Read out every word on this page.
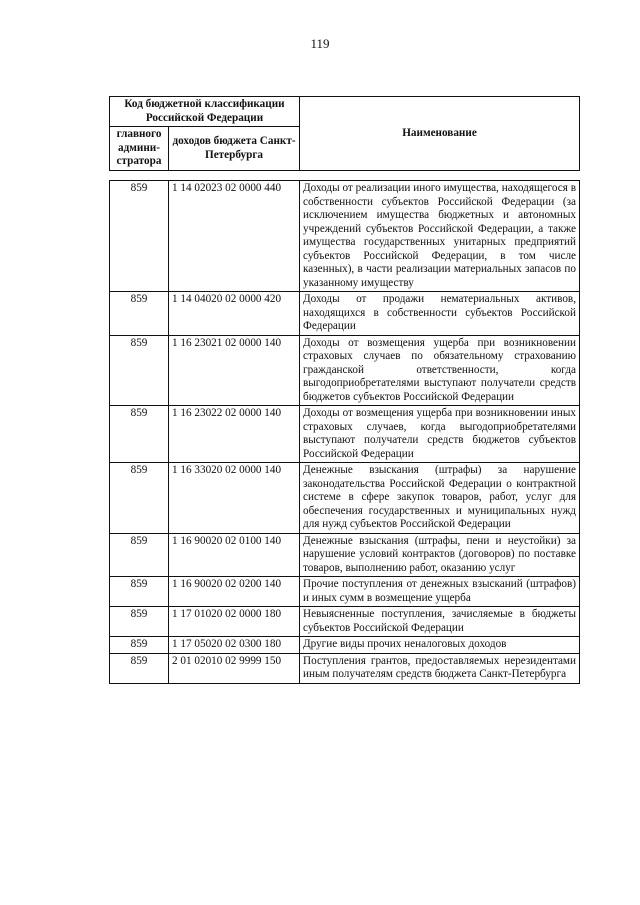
119
Код бюджетной классификации Российской Федерации		Наименование
главного админи-стратора	доходов бюджета Санкт-Петербурга	
859	1 14 02023 02 0000 440	Доходы от реализации иного имущества, находящегося в собственности субъектов Российской Федерации (за исключением имущества бюджетных и автономных учреждений субъектов Российской Федерации, а также имущества государственных унитарных предприятий субъектов Российской Федерации, в том числе казенных), в части реализации материальных запасов по указанному имуществу
859	1 14 04020 02 0000 420	Доходы от продажи нематериальных активов, находящихся в собственности субъектов Российской Федерации
859	1 16 23021 02 0000 140	Доходы от возмещения ущерба при возникновении страховых случаев по обязательному страхованию гражданской ответственности, когда выгодоприобретателями выступают получатели средств бюджетов субъектов Российской Федерации
859	1 16 23022 02 0000 140	Доходы от возмещения ущерба при возникновении иных страховых случаев, когда выгодоприобретателями выступают получатели средств бюджетов субъектов Российской Федерации
859	1 16 33020 02 0000 140	Денежные взыскания (штрафы) за нарушение законодательства Российской Федерации о контрактной системе в сфере закупок товаров, работ, услуг для обеспечения государственных и муниципальных нужд для нужд субъектов Российской Федерации
859	1 16 90020 02 0100 140	Денежные взыскания (штрафы, пени и неустойки) за нарушение условий контрактов (договоров) по поставке товаров, выполнению работ, оказанию услуг
859	1 16 90020 02 0200 140	Прочие поступления от денежных взысканий (штрафов) и иных сумм в возмещение ущерба
859	1 17 01020 02 0000 180	Невыясненные поступления, зачисляемые в бюджеты субъектов Российской Федерации
859	1 17 05020 02 0300 180	Другие виды прочих неналоговых доходов
859	2 01 02010 02 9999 150	Поступления грантов, предоставляемых нерезидентами иным получателям средств бюджета Санкт-Петербурга
